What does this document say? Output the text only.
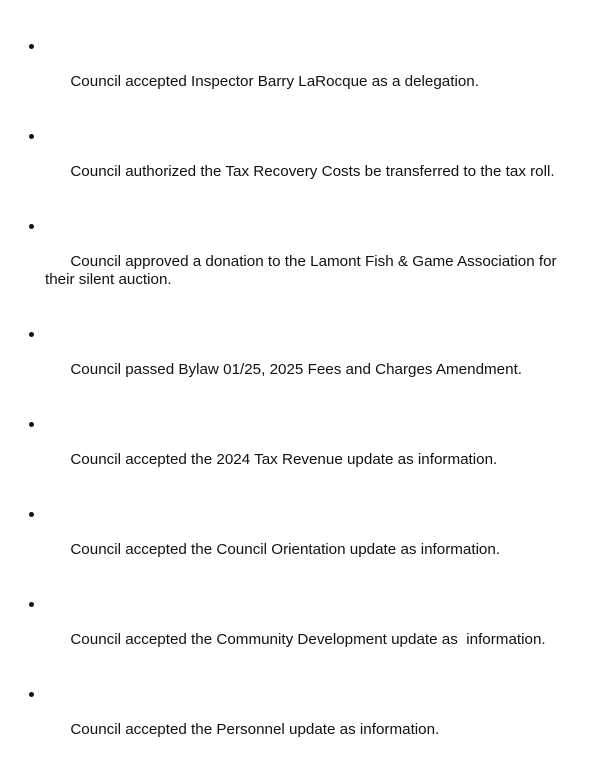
Council accepted Inspector Barry LaRocque as a delegation.

Council authorized the Tax Recovery Costs be transferred to the tax roll.

Council approved a donation to the Lamont Fish & Game Association for their silent auction.

Council passed Bylaw 01/25, 2025 Fees and Charges Amendment.

Council accepted the 2024 Tax Revenue update as information.

Council accepted the Council Orientation update as information.

Council accepted the Community Development update as  information.

Council accepted the Personnel update as information.
